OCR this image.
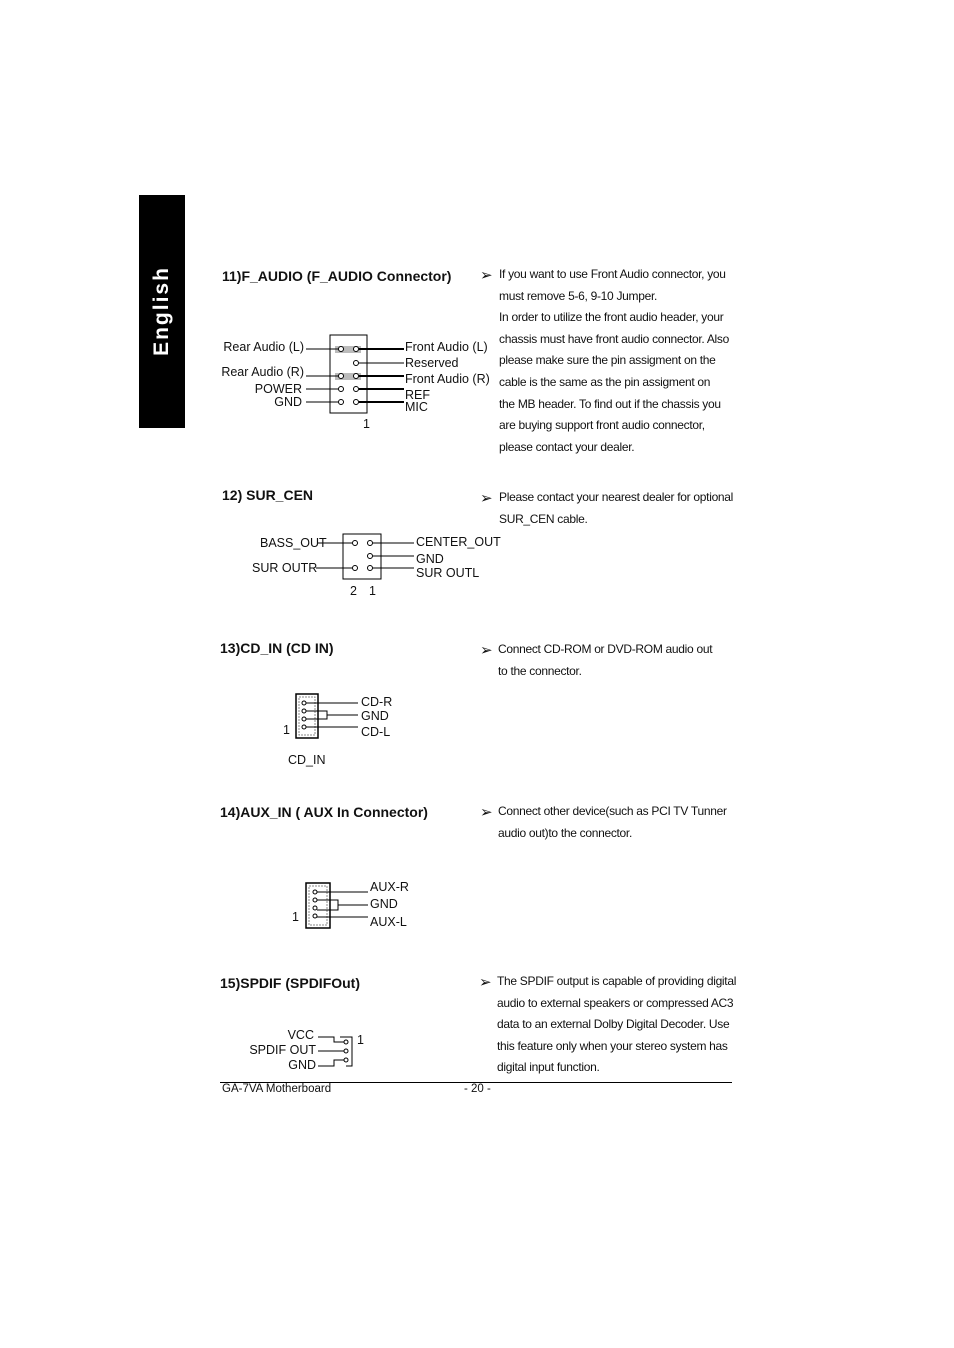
English	11)F_AUDIO (F_AUDIO Connector) ➢ If you want to use Front Audio connector, you
must remove 5-6, 9-10 Jumper.
In order to utilize the front audio header, your
chassis must have front audio connector. Also
please make sure the pin assigment on the
cable is the same as the pin assigment on
the MB header. To find out if the chassis you
are buying support front audio connector,
please contact your dealer.
Rear Audio (L)
Rear Audio (R)
POWER
GND
Front Audio (L)
Reserved
Front Audio (R)
REF
MIC
1
12) SUR_CEN	➢ Please contact your nearest dealer for optional
SUR_CEN cable.
BASS_OUT
SUR OUTR
CENTER_OUT
GND
SUR OUTL
2 1
13)CD_IN (CD IN)	➢ Connect CD-ROM or DVD-ROM audio out
to the connector.
CD-R
GND
CD-L
1
CD_IN
14)AUX_IN ( AUX In Connector)	➢ Connect other device(such as PCI TV Tunner
audio out)to the connector.
AUX-R
GND
AUX-L
1
15)SPDIF (SPDIFOut)	➢ The SPDIF output is capable of providing digital
audio to external speakers or compressed AC3
data to an external Dolby Digital Decoder. Use
this feature only when your stereo system has
digital input function.
VCC
SPDIF OUT
GND
1
GA-7VA Motherboard	- 20 -
